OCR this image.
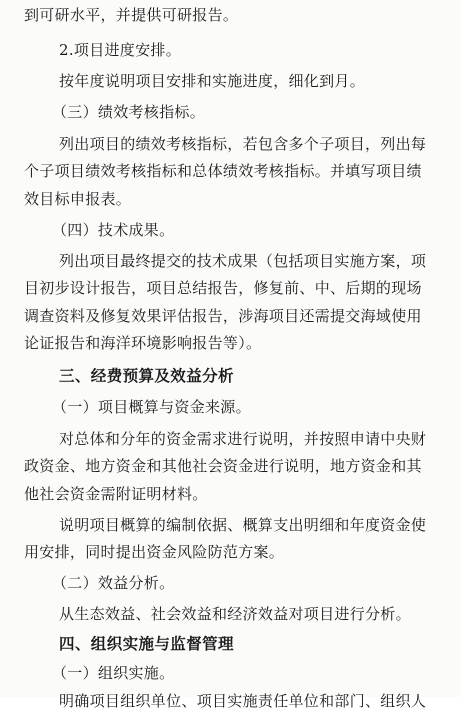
到可研水平，并提供可研报告。
2.项目进度安排。
按年度说明项目安排和实施进度，细化到月。
（三）绩效考核指标。
列出项目的绩效考核指标，若包含多个子项目，列出每
个子项目绩效考核指标和总体绩效考核指标。并填写项目绩
效目标申报表。
（四）技术成果。
列出项目最终提交的技术成果（包括项目实施方案，项
目初步设计报告，项目总结报告，修复前、中、后期的现场
调查资料及修复效果评估报告，涉海项目还需提交海域使用
论证报告和海洋环境影响报告等）。
三、经费预算及效益分析
（一）项目概算与资金来源。
对总体和分年的资金需求进行说明，并按照申请中央财
政资金、地方资金和其他社会资金进行说明，地方资金和其
他社会资金需附证明材料。
说明项目概算的编制依据、概算支出明细和年度资金使
用安排，同时提出资金风险防范方案。
（二）效益分析。
从生态效益、社会效益和经济效益对项目进行分析。
四、组织实施与监督管理
（一）组织实施。
明确项目组织单位、项目实施责任单位和部门、组织人
